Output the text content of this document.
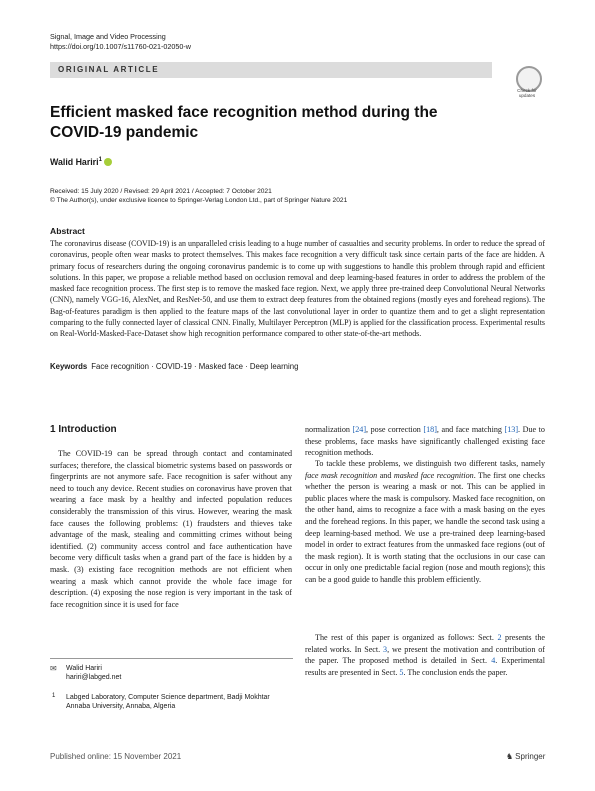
Signal, Image and Video Processing
https://doi.org/10.1007/s11760-021-02050-w
ORIGINAL ARTICLE
Check for updates
Efficient masked face recognition method during the COVID-19 pandemic
Walid Hariri$^1$
Received: 15 July 2020 / Revised: 29 April 2021 / Accepted: 7 October 2021
© The Author(s), under exclusive licence to Springer-Verlag London Ltd., part of Springer Nature 2021
Abstract
The coronavirus disease (COVID-19) is an unparalleled crisis leading to a huge number of casualties and security problems. In order to reduce the spread of coronavirus, people often wear masks to protect themselves. This makes face recognition a very difficult task since certain parts of the face are hidden. A primary focus of researchers during the ongoing coronavirus pandemic is to come up with suggestions to handle this problem through rapid and efficient solutions. In this paper, we propose a reliable method based on occlusion removal and deep learning-based features in order to address the problem of the masked face recognition process. The first step is to remove the masked face region. Next, we apply three pre-trained deep Convolutional Neural Networks (CNN), namely VGG-16, AlexNet, and ResNet-50, and use them to extract deep features from the obtained regions (mostly eyes and forehead regions). The Bag-of-features paradigm is then applied to the feature maps of the last convolutional layer in order to quantize them and to get a slight representation comparing to the fully connected layer of classical CNN. Finally, Multilayer Perceptron (MLP) is applied for the classification process. Experimental results on Real-World-Masked-Face-Dataset show high recognition performance compared to other state-of-the-art methods.
Keywords Face recognition · COVID-19 · Masked face · Deep learning
1 Introduction
The COVID-19 can be spread through contact and contaminated surfaces; therefore, the classical biometric systems based on passwords or fingerprints are not anymore safe. Face recognition is safer without any need to touch any device. Recent studies on coronavirus have proven that wearing a face mask by a healthy and infected population reduces considerably the transmission of this virus. However, wearing the mask face causes the following problems: (1) fraudsters and thieves take advantage of the mask, stealing and committing crimes without being identified. (2) community access control and face authentication have become very difficult tasks when a grand part of the face is hidden by a mask. (3) existing face recognition methods are not efficient when wearing a mask which cannot provide the whole face image for description. (4) exposing the nose region is very important in the task of face recognition since it is used for face
normalization [24], pose correction [18], and face matching [13]. Due to these problems, face masks have significantly challenged existing face recognition methods.
To tackle these problems, we distinguish two different tasks, namely face mask recognition and masked face recognition. The first one checks whether the person is wearing a mask or not. This can be applied in public places where the mask is compulsory. Masked face recognition, on the other hand, aims to recognize a face with a mask basing on the eyes and the forehead regions. In this paper, we handle the second task using a deep learning-based method. We use a pre-trained deep learning-based model in order to extract features from the unmasked face regions (out of the mask region). It is worth stating that the occlusions in our case can occur in only one predictable facial region (nose and mouth regions); this can be a good guide to handle this problem efficiently.
The rest of this paper is organized as follows: Sect. 2 presents the related works. In Sect. 3, we present the motivation and contribution of the paper. The proposed method is detailed in Sect. 4. Experimental results are presented in Sect. 5. The conclusion ends the paper.
✉ Walid Hariri
hariri@labged.net
1 Labged Laboratory, Computer Science department, Badji Mokhtar Annaba University, Annaba, Algeria
Published online: 15 November 2021	♞ Springer
